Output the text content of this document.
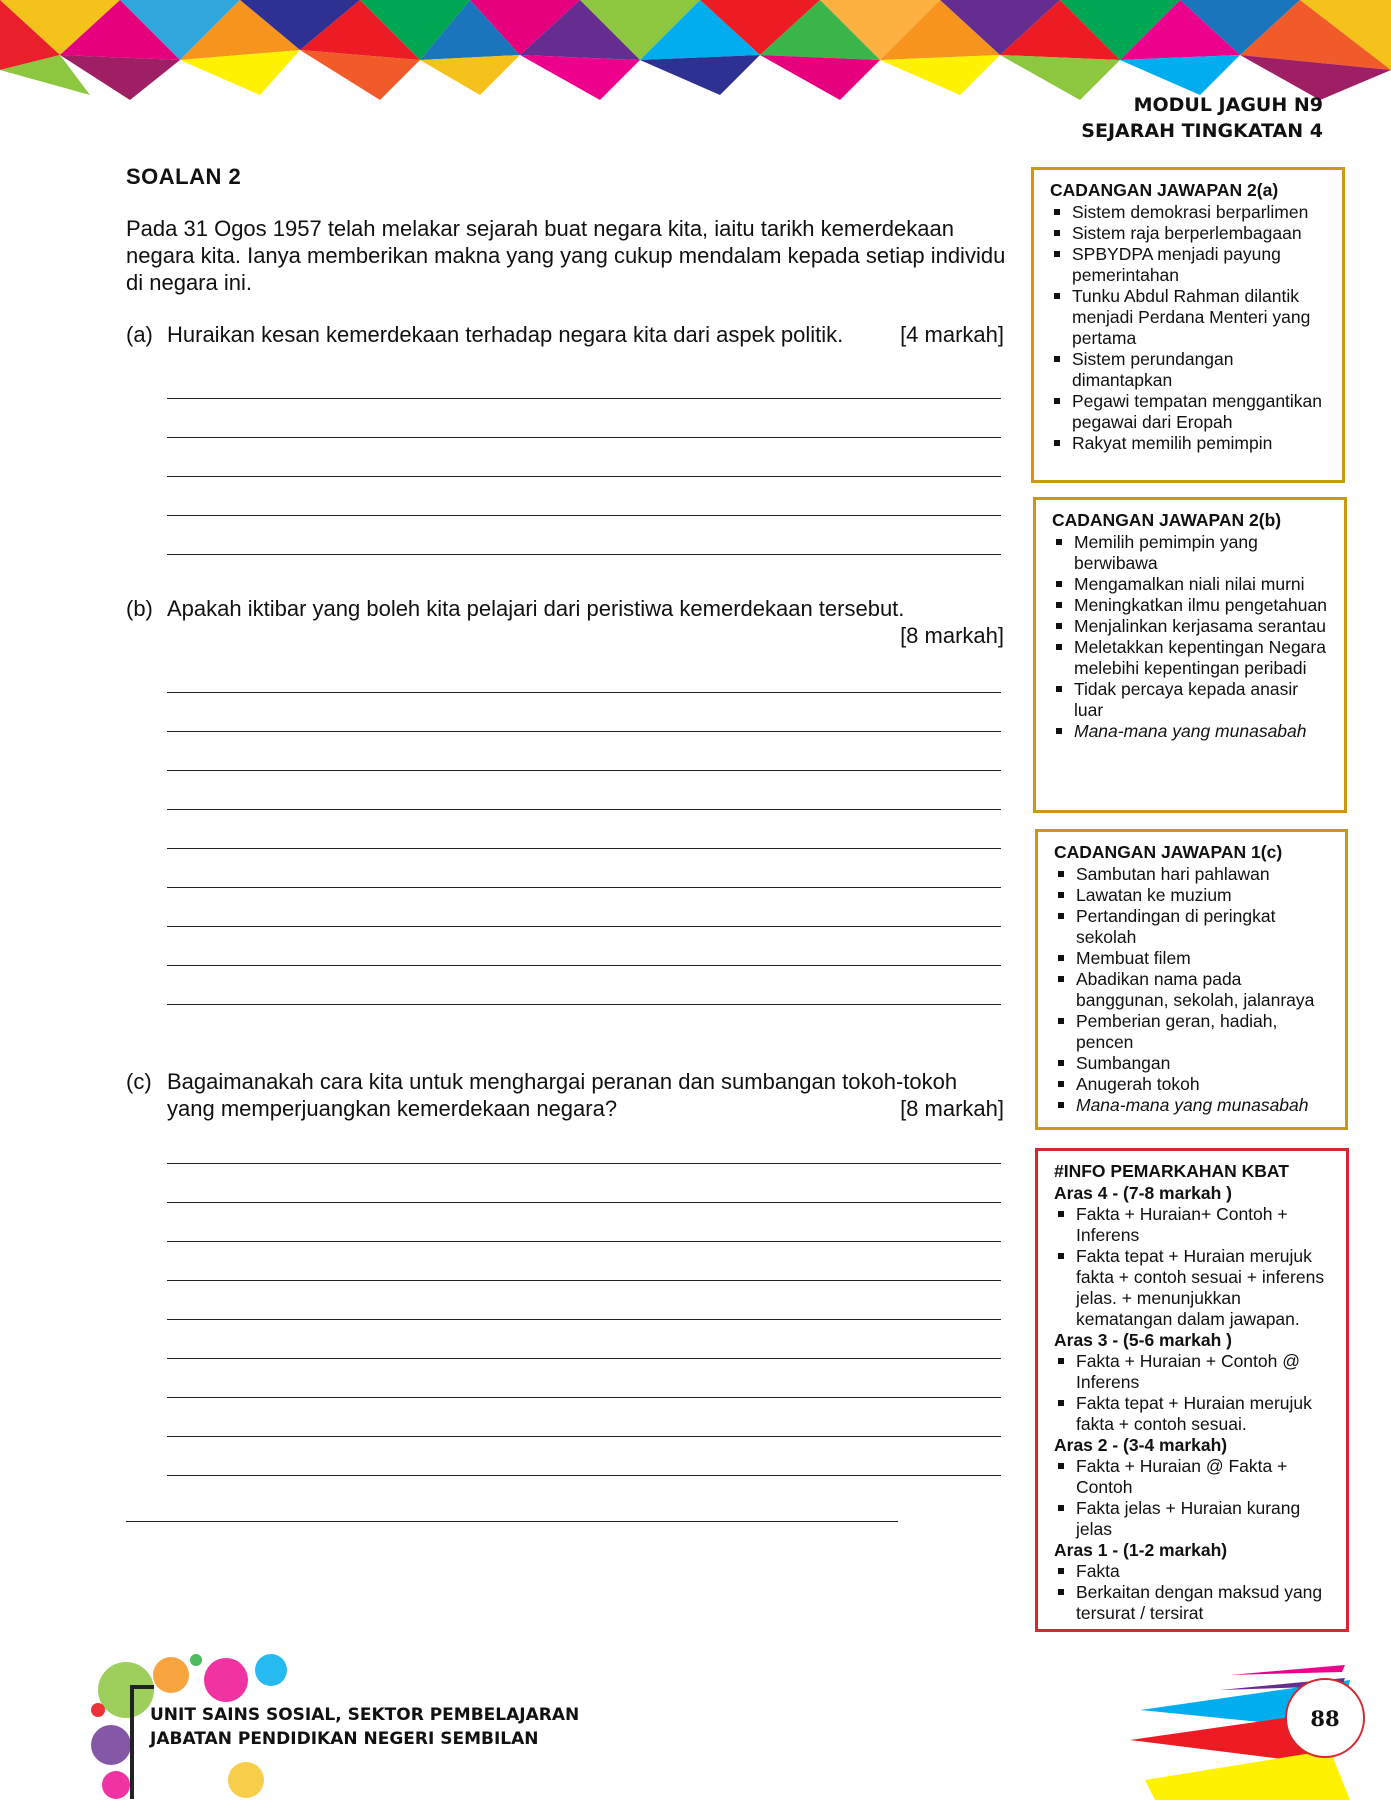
MODUL JAGUH N9
SEJARAH TINGKATAN 4
SOALAN 2
Pada 31 Ogos 1957 telah melakar sejarah buat negara kita, iaitu tarikh kemerdekaan negara kita. Ianya memberikan makna yang yang cukup mendalam kepada setiap individu di negara ini.
(a)	[4 markah]
Huraikan kesan kemerdekaan terhadap negara kita dari aspek politik.
(b) Apakah iktibar yang boleh kita pelajari dari peristiwa kemerdekaan tersebut.
[8 markah]
(c) Bagaimanakah cara kita untuk menghargai peranan dan sumbangan tokoh-tokoh yang memperjuangkan kemerdekaan negara?	[8 markah]
CADANGAN JAWAPAN 2(a)
Sistem demokrasi berparlimen
Sistem raja berperlembagaan
SPBYDPA menjadi payung pemerintahan
Tunku Abdul Rahman dilantik menjadi Perdana Menteri yang pertama
Sistem perundangan dimantapkan
Pegawi tempatan menggantikan pegawai dari Eropah
Rakyat memilih pemimpin
CADANGAN JAWAPAN 2(b)
Memilih pemimpin yang berwibawa
Mengamalkan niali nilai murni
Meningkatkan ilmu pengetahuan
Menjalinkan kerjasama serantau
Meletakkan kepentingan Negara melebihi kepentingan peribadi
Tidak percaya kepada anasir luar
Mana-mana yang munasabah
CADANGAN JAWAPAN 1(c)
Sambutan hari pahlawan
Lawatan ke muzium
Pertandingan di peringkat sekolah
Membuat filem
Abadikan nama pada banggunan, sekolah, jalanraya
Pemberian geran, hadiah, pencen
Sumbangan
Anugerah tokoh
Mana-mana yang munasabah
#INFO PEMARKAHAN KBAT
Aras 4 - (7-8 markah )
Fakta + Huraian+ Contoh + Inferens
Fakta tepat + Huraian merujuk fakta + contoh sesuai + inferens jelas. + menunjukkan kematangan dalam jawapan.
Aras 3 - (5-6 markah )
Fakta + Huraian + Contoh @ Inferens
Fakta tepat + Huraian merujuk fakta + contoh sesuai.
Aras 2 - (3-4 markah)
Fakta + Huraian @ Fakta + Contoh
Fakta jelas + Huraian kurang jelas
Aras 1 - (1-2 markah)
Fakta
Berkaitan dengan maksud yang tersurat / tersirat
UNIT SAINS SOSIAL, SEKTOR PEMBELAJARAN
JABATAN PENDIDIKAN NEGERI SEMBILAN
88
